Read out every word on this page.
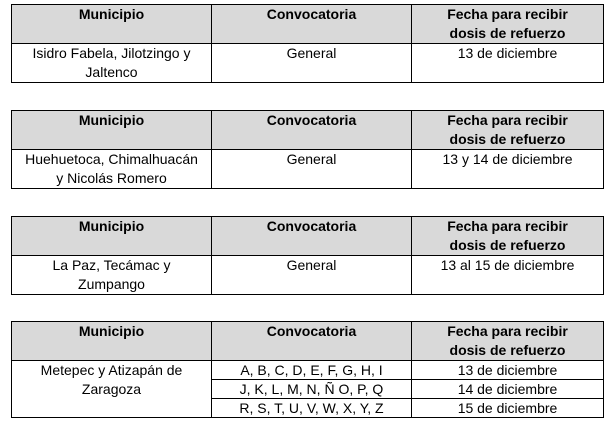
Municipio	Convocatoria	Fecha para recibir
dosis de refuerzo
Isidro Fabela, Jilotzingo y
Jaltenco	General	13 de diciembre
Municipio	Convocatoria	Fecha para recibir
dosis de refuerzo
Huehuetoca, Chimalhuacán
y Nicolás Romero	General	13 y 14 de diciembre
Municipio	Convocatoria	Fecha para recibir
dosis de refuerzo
La Paz, Tecámac y
Zumpango	General	13 al 15 de diciembre
Municipio	Convocatoria	Fecha para recibir
dosis de refuerzo
Metepec y Atizapán de
Zaragoza	A, B, C, D, E, F, G, H, I	13 de diciembre
	J, K, L, M, N, Ñ O, P, Q	14 de diciembre
	R, S, T, U, V, W, X, Y, Z	15 de diciembre
